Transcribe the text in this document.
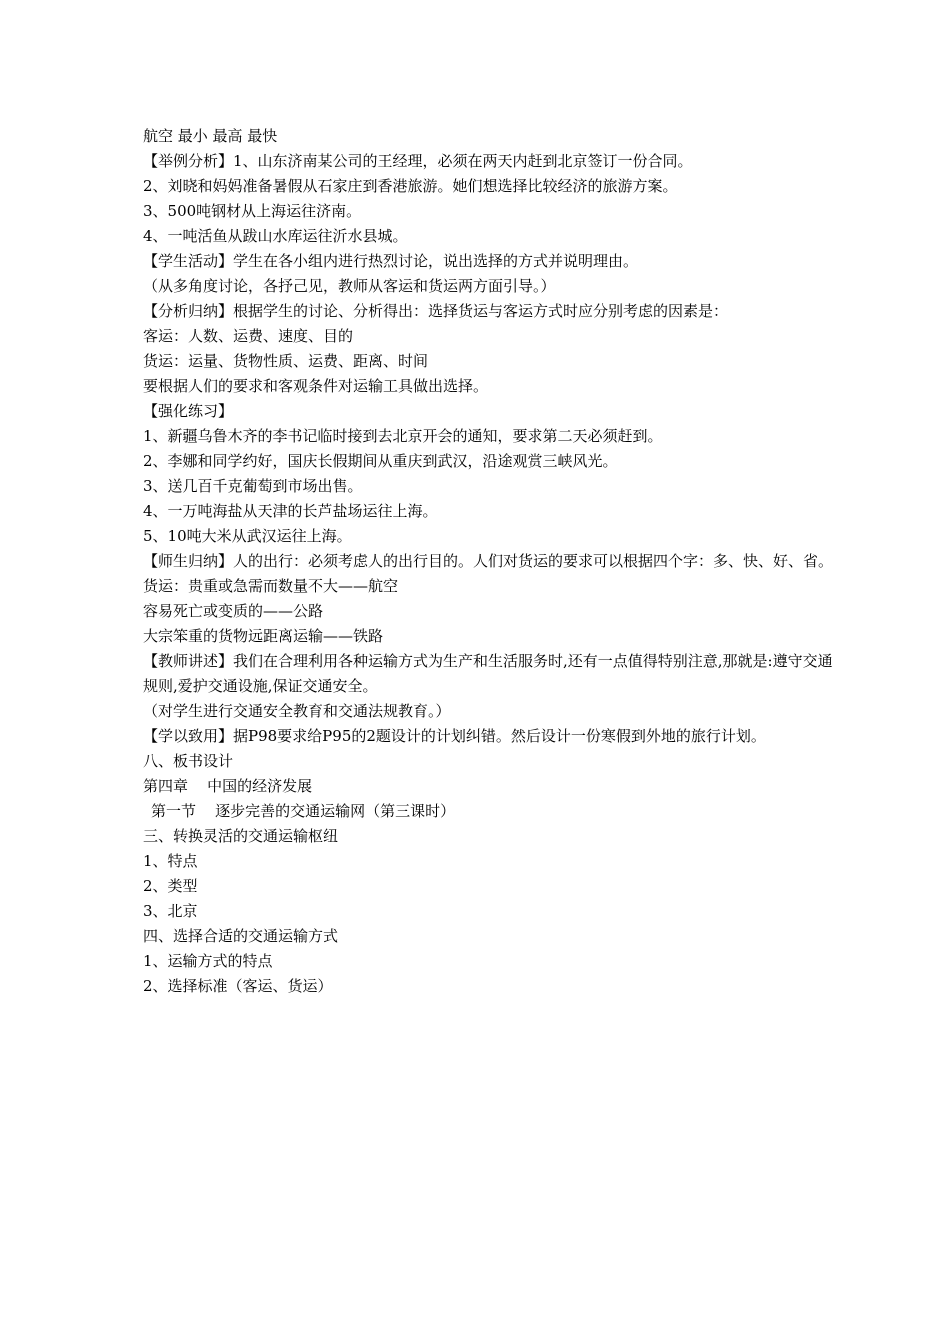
航空 最小 最高 最快
【举例分析】1、山东济南某公司的王经理，必须在两天内赶到北京签订一份合同。
2、刘晓和妈妈准备暑假从石家庄到香港旅游。她们想选择比较经济的旅游方案。
3、500吨钢材从上海运往济南。
4、一吨活鱼从跋山水库运往沂水县城。
【学生活动】学生在各小组内进行热烈讨论，说出选择的方式并说明理由。
（从多角度讨论，各抒己见，教师从客运和货运两方面引导。）
【分析归纳】根据学生的讨论、分析得出：选择货运与客运方式时应分别考虑的因素是：
客运：人数、运费、速度、目的
货运：运量、货物性质、运费、距离、时间
要根据人们的要求和客观条件对运输工具做出选择。
【强化练习】
1、新疆乌鲁木齐的李书记临时接到去北京开会的通知，要求第二天必须赶到。
2、李娜和同学约好，国庆长假期间从重庆到武汉，沿途观赏三峡风光。
3、送几百千克葡萄到市场出售。
4、一万吨海盐从天津的长芦盐场运往上海。
5、10吨大米从武汉运往上海。
【师生归纳】人的出行：必须考虑人的出行目的。人们对货运的要求可以根据四个字：多、快、好、省。
货运：贵重或急需而数量不大——航空
容易死亡或变质的——公路
大宗笨重的货物远距离运输——铁路
【教师讲述】我们在合理利用各种运输方式为生产和生活服务时,还有一点值得特别注意,那就是:遵守交通规则,爱护交通设施,保证交通安全。
（对学生进行交通安全教育和交通法规教育。）
【学以致用】据P98要求给P95的2题设计的计划纠错。然后设计一份寒假到外地的旅行计划。
八、板书设计
第四章    中国的经济发展
第一节    逐步完善的交通运输网（第三课时）
三、转换灵活的交通运输枢纽
1、特点
2、类型
3、北京
四、选择合适的交通运输方式
1、运输方式的特点
2、选择标准（客运、货运）
